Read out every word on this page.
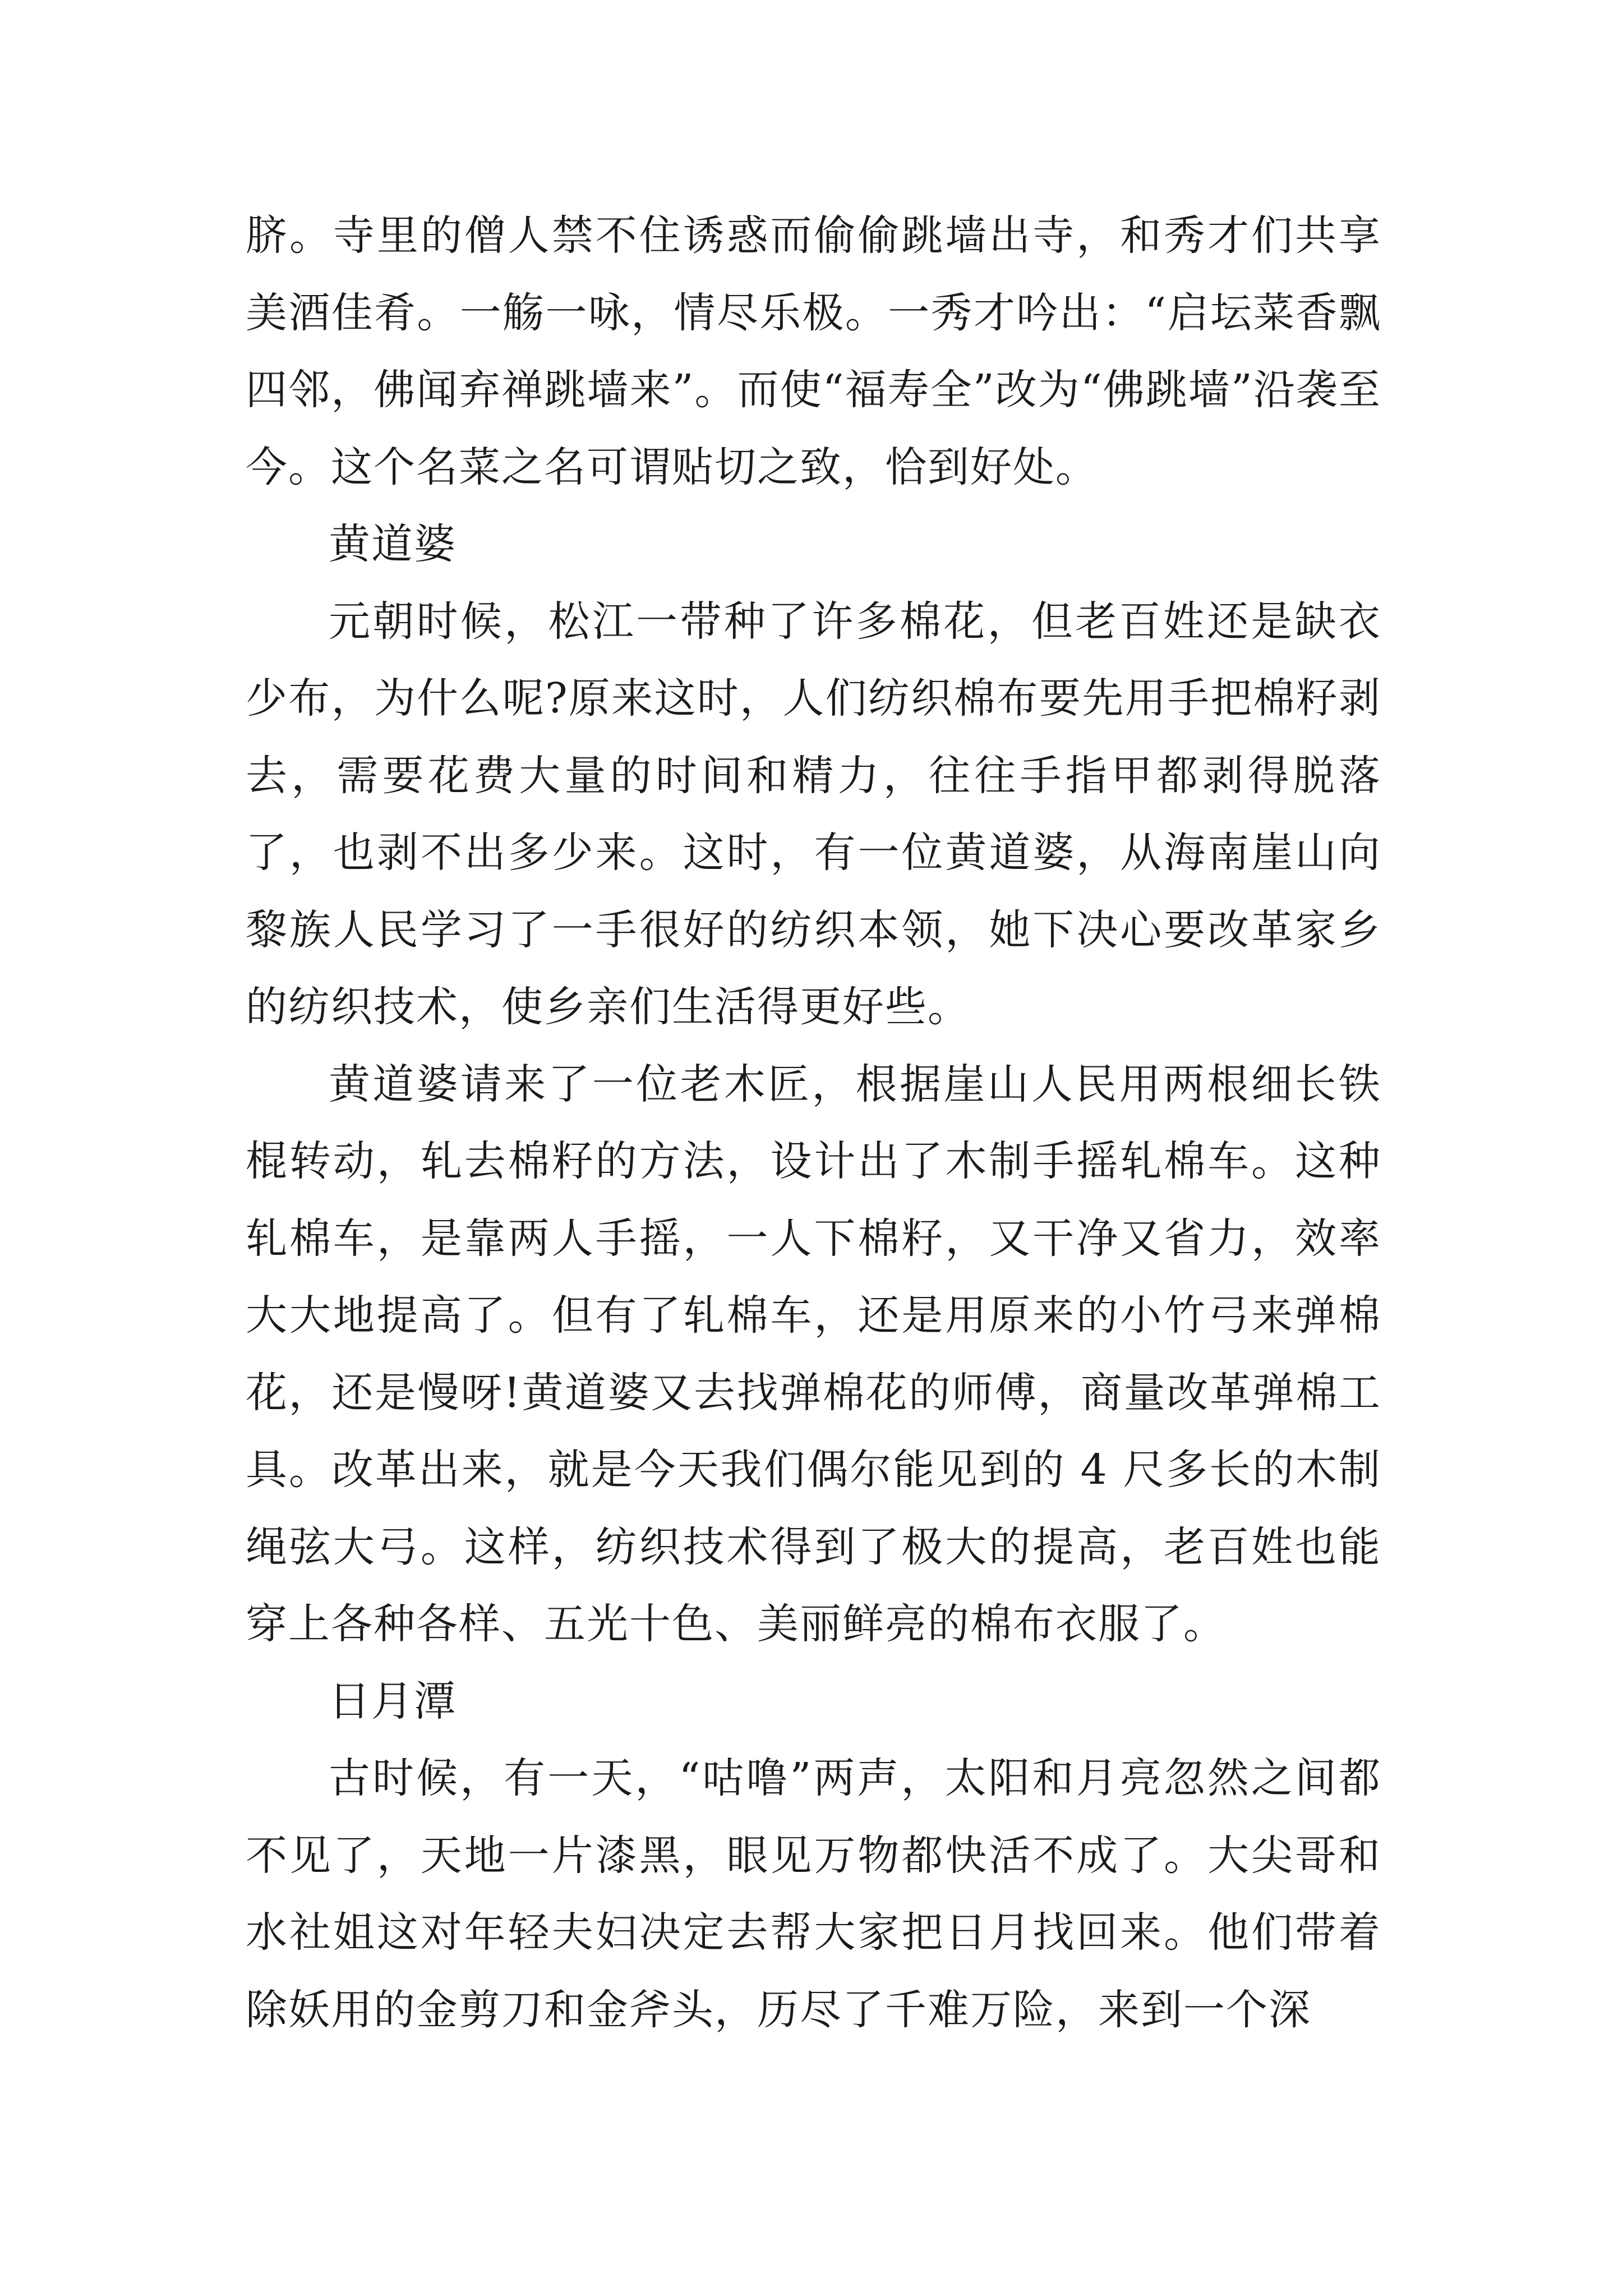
脐。寺里的僧人禁不住诱惑而偷偷跳墙出寺，和秀才们共享美酒佳肴。一觞一咏，情尽乐极。一秀才吟出：“启坛菜香飘四邻，佛闻弃禅跳墙来”。而使“福寿全”改为“佛跳墙”沿袭至今。这个名菜之名可谓贴切之致，恰到好处。

黄道婆

元朝时候，松江一带种了许多棉花，但老百姓还是缺衣少布，为什么呢?原来这时，人们纺织棉布要先用手把棉籽剥去，需要花费大量的时间和精力，往往手指甲都剥得脱落了，也剥不出多少来。这时，有一位黄道婆，从海南崖山向黎族人民学习了一手很好的纺织本领，她下决心要改革家乡的纺织技术，使乡亲们生活得更好些。

黄道婆请来了一位老木匠，根据崖山人民用两根细长铁棍转动，轧去棉籽的方法，设计出了木制手摇轧棉车。这种轧棉车，是靠两人手摇，一人下棉籽，又干净又省力，效率大大地提高了。但有了轧棉车，还是用原来的小竹弓来弹棉花，还是慢呀!黄道婆又去找弹棉花的师傅，商量改革弹棉工具。改革出来，就是今天我们偶尔能见到的 4 尺多长的木制绳弦大弓。这样，纺织技术得到了极大的提高，老百姓也能穿上各种各样、五光十色、美丽鲜亮的棉布衣服了。

日月潭

古时候，有一天，“咕噜”两声，太阳和月亮忽然之间都不见了，天地一片漆黑，眼见万物都快活不成了。大尖哥和水社姐这对年轻夫妇决定去帮大家把日月找回来。他们带着除妖用的金剪刀和金斧头，历尽了千难万险，来到一个深
